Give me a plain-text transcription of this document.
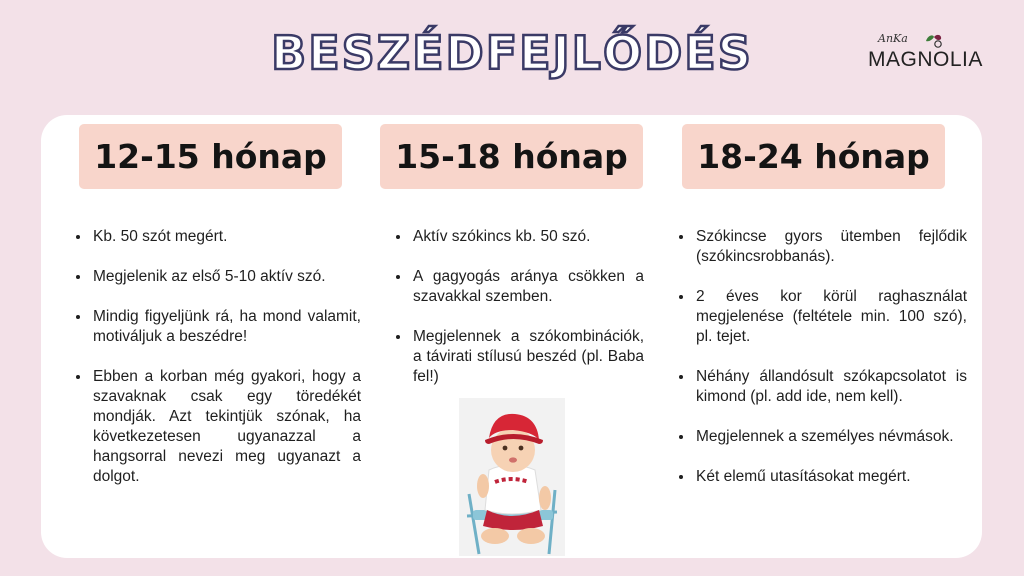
BESZÉDFEJLŐDÉS	AnKa
MAGNOLIA
12-15 hónap	15-18 hónap	18-24 hónap
• Kb. 50 szót megért.
• Megjelenik az első 5-10 aktív szó.
• Mindig figyeljünk rá, ha mond valamit, motiváljuk a beszédre!
• Ebben a korban még gyakori, hogy a szavaknak csak egy töredékét mondják. Azt tekintjük szónak, ha következetesen ugyanazzal a hangsorral nevezi meg ugyanazt a dolgot.
• Aktív szókincs kb. 50 szó.
• A gagyogás aránya csökken a szavakkal szemben.
• Megjelennek a szókombinációk, a távirati stílusú beszéd (pl. Baba fel!)
• Szókincse gyors ütemben fejlődik (szókincsrobbanás).
• 2 éves kor körül raghasználat megjelenése (feltétele min. 100 szó), pl. tejet.
• Néhány állandósult szókapcsolatot is kimond (pl. add ide, nem kell).
• Megjelennek a személyes névmások.
• Két elemű utasításokat megért.
